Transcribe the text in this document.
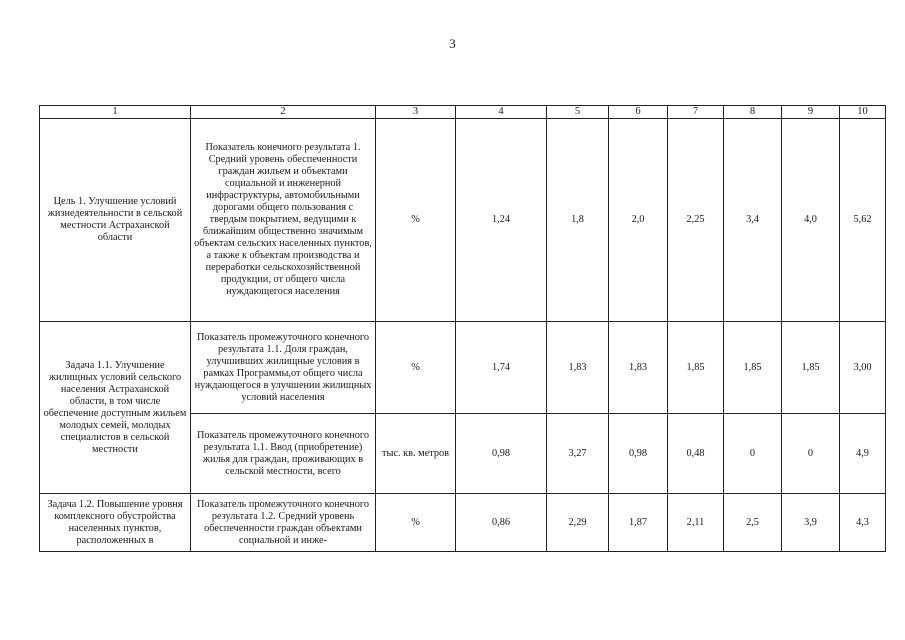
3
1	2	3	4	5	6	7	8	9	10
Цель 1. Улучшение условий жизнедеятельности в сельской местности Астраханской области	Показатель конечного результата 1. Средний уровень обеспеченности граждан жильем и объектами социальной и инженерной инфраструктуры, автомобильными дорогами общего пользования с твердым покрытием, ведущими к ближайшим общественно значимым объектам сельских населенных пунктов, а также к объектам производства и переработки сельскохозяйственной продукции, от общего числа нуждающегося населения	%	1,24	1,8	2,0	2,25	3,4	4,0	5,62
Задача 1.1. Улучшение жилищных условий сельского населения Астраханской области, в том числе обеспечение доступным жильем молодых семей, молодых специалистов в сельской местности	Показатель промежуточного конечного результата 1.1. Доля граждан, улучшивших жилищные условия в рамках Программы,от общего числа нуждающегося в улучшении жилищных условий населения	%	1,74	1,83	1,83	1,85	1,85	1,85	3,00
	Показатель промежуточного конечного результата 1.1. Ввод (приобретение) жилья для граждан, проживающих в сельской местности, всего	тыс. кв. метров	0,98	3,27	0,98	0,48	0	0	4,9
Задача 1.2. Повышение уровня комплексного обустройства населенных пунктов, расположенных в	Показатель промежуточного конечного результата 1.2. Средний уровень обеспеченности граждан объектами социальной и инже-	%	0,86	2,29	1,87	2,11	2,5	3,9	4,3
